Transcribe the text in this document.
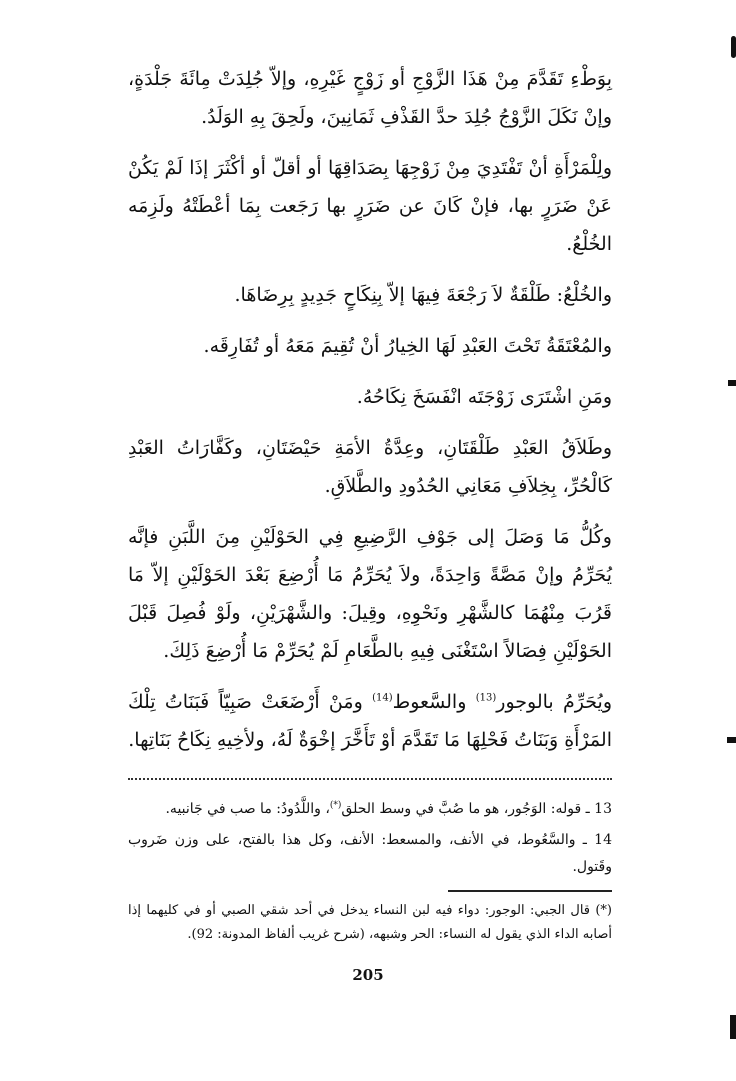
بِوَطْءِ تَقَدَّمَ مِنْ هَذَا الزَّوْجِ أو زَوْجٍ غَيْرِهِ، وإلاّ جُلِدَتْ مِائَةَ جَلْدَةٍ، وإنْ نَكَلَ الزَّوْجُ جُلِدَ حدَّ القَذْفِ ثَمَانِينَ، ولَحِقَ بِهِ الوَلَدُ.

ولِلْمَرْأَةِ أنْ تَفْتَدِيَ مِنْ زَوْجِهَا بِصَدَاقِهَا أو أقلّ أو أكْثَرَ إذَا لَمْ يَكُنْ عَنْ ضَرَرٍ بها، فإنْ كَانَ عن ضَرَرٍ بها رَجَعت بِمَا أعْطَتْهُ ولَزِمَه الخُلْعُ.

والخُلْعُ: طَلْقَةٌ لاَ رَجْعَةَ فِيهَا إلاّ بِنِكَاحٍ جَدِيدٍ بِرِضَاهَا.

والمُعْتَقَةُ تَحْتَ العَبْدِ لَهَا الخِيارُ أنْ تُقِيمَ مَعَهُ أو تُفَارِقَه.

ومَنِ اشْتَرَى زَوْجَتَه انْفَسَخَ نِكَاحُهُ.

وطَلاَقُ العَبْدِ طَلْقَتَانِ، وعِدَّةُ الأمَةِ حَيْضَتَانِ، وكَفَّارَاتُ العَبْدِ كَالْحُرِّ، بِخِلاَفِ مَعَانِي الحُدُودِ والطَّلاَقِ.

وكُلُّ مَا وَصَلَ إلى جَوْفِ الرَّضِيعِ فِي الحَوْلَيْنِ مِنَ اللَّبَنِ فإنَّه يُحَرِّمُ وإنْ مَصَّةً وَاحِدَةً، ولاَ يُحَرِّمُ مَا أُرْضِعَ بَعْدَ الحَوْلَيْنِ إلاّ مَا قَرُبَ مِنْهُمَا كالشَّهْرِ ونَحْوِهِ، وقِيلَ: والشَّهْرَيْنِ، ولَوْ فُصِلَ قَبْلَ الحَوْلَيْنِ فِصَالاً اسْتَغْنَى فِيهِ بالطَّعَامِ لَمْ يُحَرِّمْ مَا أُرْضِعَ ذَلِكَ.

ويُحَرِّمُ بالوجور$^{(13)}$ والسَّعوط$^{(14)}$ ومَنْ أَرْضَعَتْ صَبِيّاً فَبَنَاتُ تِلْكَ المَرْأَةِ وَبَنَاتُ فَحْلِهَا مَا تَقَدَّمَ أوْ تَأَخَّرَ إخْوَةٌ لَهُ، ولأخِيهِ نِكَاحُ بَنَاتِها.

13 ـ قوله: الوَجُور، هو ما صُبَّ في وسط الحلق(*)، واللَّدُودُ: ما صب في جَانبيه.

14 ـ والسَّعُوط، في الأنف، والمسعط: الأنف، وكل هذا بالفتح، على وزن ضَروب وقَتول.

(*) قال الجبي: الوجور: دواء فيه لبن النساء يدخل في أحد شقي الصبي أو في كليهما إذا أصابه الداء الذي يقول له النساء: الحر وشبهه، (شرح غريب ألفاظ المدونة: 92).

205
